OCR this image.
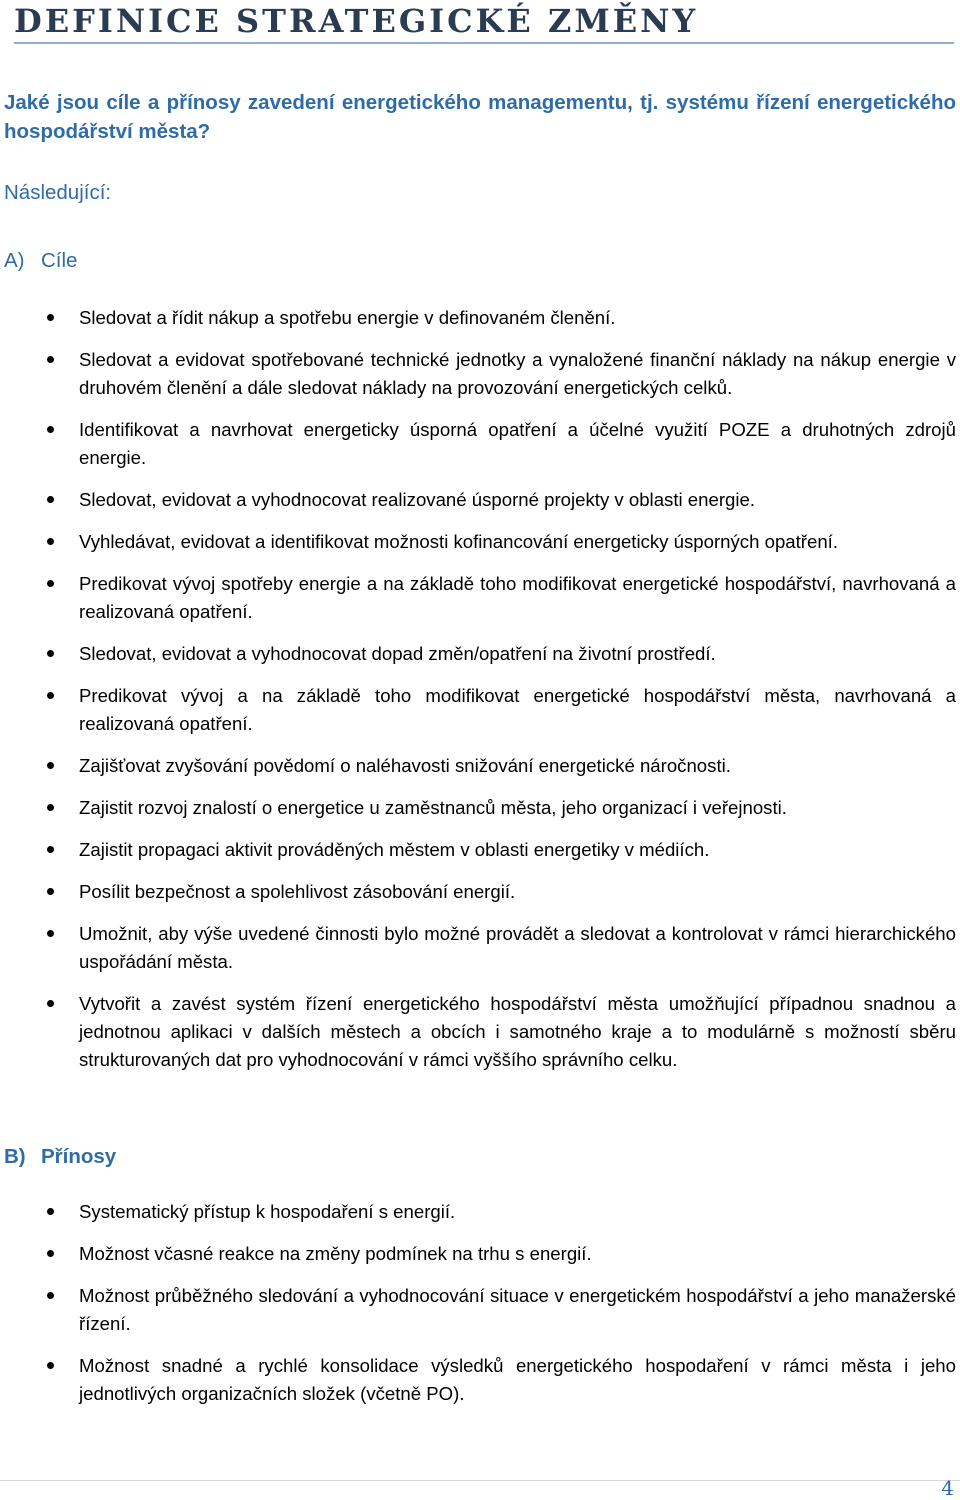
DEFINICE STRATEGICKÉ ZMĚNY
Jaké jsou cíle a přínosy zavedení energetického managementu, tj. systému řízení energetického hospodářství města?
Následující:
A) Cíle
Sledovat a řídit nákup a spotřebu energie v definovaném členění.
Sledovat a evidovat spotřebované technické jednotky a vynaložené finanční náklady na nákup energie v druhovém členění a dále sledovat náklady na provozování energetických celků.
Identifikovat a navrhovat energeticky úsporná opatření a účelné využití POZE a druhotných zdrojů energie.
Sledovat, evidovat a vyhodnocovat realizované úsporné projekty v oblasti energie.
Vyhledávat, evidovat a identifikovat možnosti kofinancování energeticky úsporných opatření.
Predikovat vývoj spotřeby energie a na základě toho modifikovat energetické hospodářství, navrhovaná a realizovaná opatření.
Sledovat, evidovat a vyhodnocovat dopad změn/opatření na životní prostředí.
Predikovat vývoj a na základě toho modifikovat energetické hospodářství města, navrhovaná a realizovaná opatření.
Zajišťovat zvyšování povědomí o naléhavosti snižování energetické náročnosti.
Zajistit rozvoj znalostí o energetice u zaměstnanců města, jeho organizací i veřejnosti.
Zajistit propagaci aktivit prováděných městem v oblasti energetiky v médiích.
Posílit bezpečnost a spolehlivost zásobování energií.
Umožnit, aby výše uvedené činnosti bylo možné provádět a sledovat a kontrolovat v rámci hierarchického uspořádání města.
Vytvořit a zavést systém řízení energetického hospodářství města umožňující případnou snadnou a jednotnou aplikaci v dalších městech a obcích i samotného kraje a to modulárně s možností sběru strukturovaných dat pro vyhodnocování v rámci vyššího správního celku.
B) Přínosy
Systematický přístup k hospodaření s energií.
Možnost včasné reakce na změny podmínek na trhu s energií.
Možnost průběžného sledování a vyhodnocování situace v energetickém hospodářství a jeho manažerské řízení.
Možnost snadné a rychlé konsolidace výsledků energetického hospodaření v rámci města i jeho jednotlivých organizačních složek (včetně PO).
4
